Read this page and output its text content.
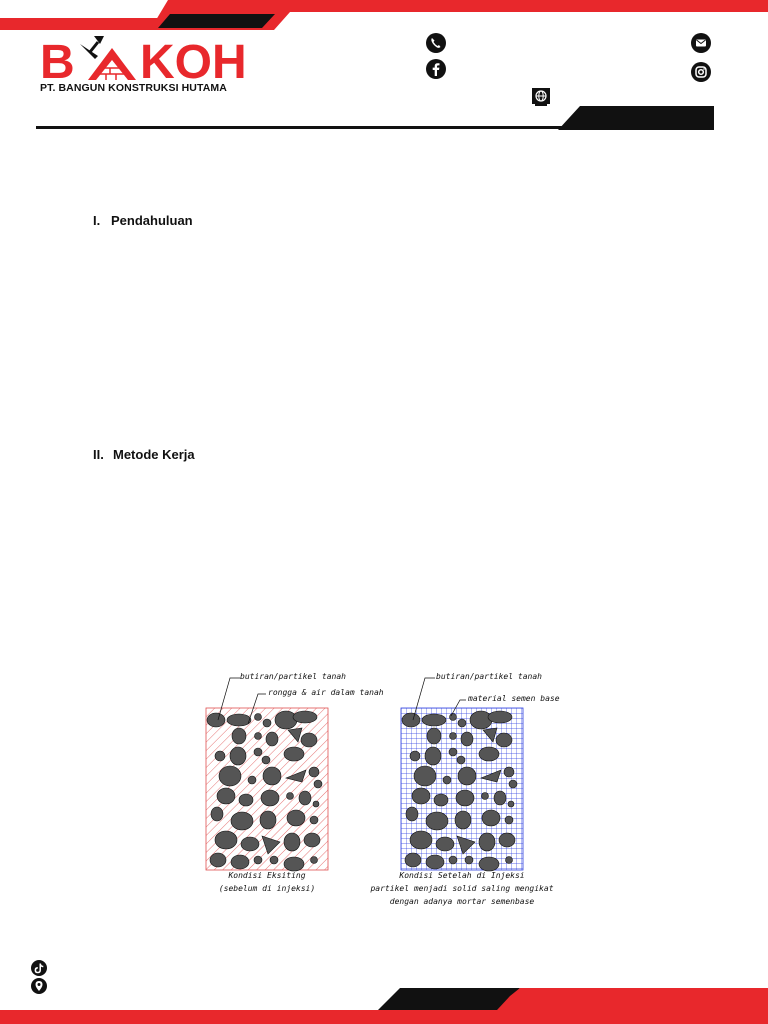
B KOH
PT. BANGUN KONSTRUKSI HUTAMA
I. Pendahuluan
II. Metode Kerja
butiran/partikel tanah
rongga & air dalam tanah
butiran/partikel tanah
material semen base
Kondisi Eksiting
(sebelum di injeksi)
Kondisi Setelah di Injeksi
partikel menjadi solid saling mengikat
dengan adanya mortar semenbase
